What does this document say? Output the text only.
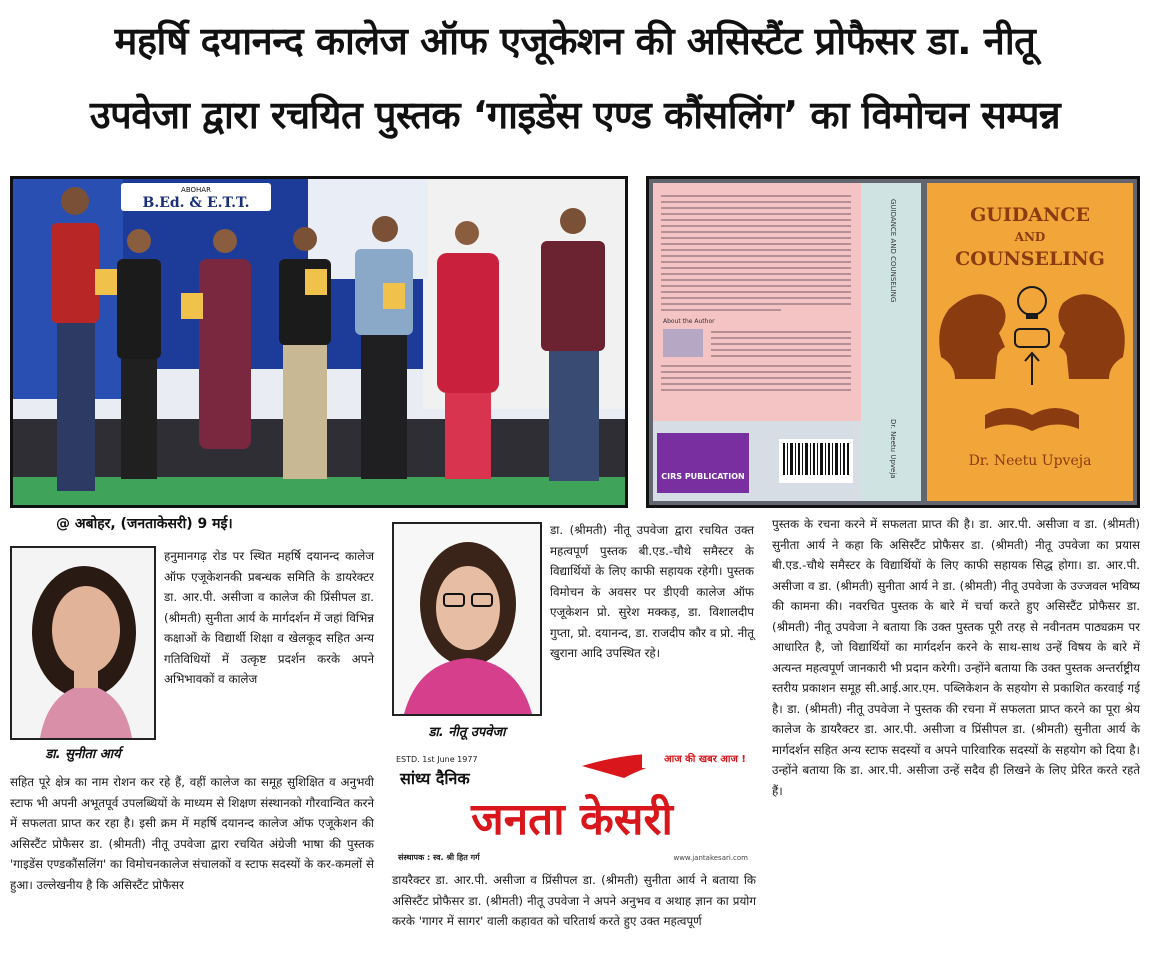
महर्षि दयानन्द कालेज ऑफ एजूकेशन की असिस्टैंट प्रोफैसर डा. नीतू
उपवेजा द्वारा रचयित पुस्तक ‘गाइडेंस एण्ड कौंसलिंग’ का विमोचन सम्पन्न
ABOHAR
B.Ed. & E.T.T.
About the Author
CIRS PUBLICATION
GUIDANCE AND COUNSELING
Dr. Neetu Upveja
GUIDANCE
AND
COUNSELING
Dr. Neetu Upveja
@ अबोहर, (जनताकेसरी) 9 मई।
डा. सुनीता आर्य
डा. नीतू उपवेजा
हनुमानगढ़ रोड पर स्थित महर्षि दयानन्द कालेज ऑफ एजूकेशनकी प्रबन्धक समिति के डायरेक्टर डा. आर.पी. असीजा व कालेज की प्रिंसीपल डा. (श्रीमती) सुनीता आर्य के मार्गदर्शन में जहां विभिन्न कक्षाओं के विद्यार्थी शिक्षा व खेलकूद सहित अन्य गतिविधियों में उत्कृष्ट प्रदर्शन करके अपने अभिभावकों व कालेज
सहित पूरे क्षेत्र का नाम रोशन कर रहे हैं, वहीं कालेज का समूह सुशिक्षित व अनुभवी स्टाफ भी अपनी अभूतपूर्व उपलब्धियों के माध्यम से शिक्षण संस्थानको गौरवान्वित करने में सफलता प्राप्त कर रहा है। इसी क्रम में महर्षि दयानन्द कालेज ऑफ एजूकेशन की असिस्टैंट प्रोफैसर डा. (श्रीमती) नीतू उपवेजा द्वारा रचयित अंग्रेजी भाषा की पुस्तक 'गाइडेंस एण्डकौंसलिंग' का विमोचनकालेज संचालकों व स्टाफ सदस्यों के कर-कमलों से हुआ। उल्लेखनीय है कि असिस्टैंट प्रोफैसर
डा. (श्रीमती) नीतू उपवेजा द्वारा रचयित उक्त महत्वपूर्ण पुस्तक बी.एड.-चौथे समैस्टर के विद्यार्थियों के लिए काफी सहायक रहेगी। पुस्तक विमोचन के अवसर पर डीएवी कालेज ऑफ एजूकेशन प्रो. सुरेश मक्कड़, डा. विशालदीप गुप्ता, प्रो. दयानन्द, डा. राजदीप कौर व प्रो. नीतू खुराना आदि उपस्थित रहे।
ESTD. 1st June 1977	आज की खबर आज !
सांध्य दैनिक
जनता केसरी
संस्थापक : स्व. श्री हित गर्ग	www.jantakesari.com
डायरैक्टर डा. आर.पी. असीजा व प्रिंसीपल डा. (श्रीमती) सुनीता आर्य ने बताया कि असिस्टैंट प्रोफैसर डा. (श्रीमती) नीतू उपवेजा ने अपने अनुभव व अथाह ज्ञान का प्रयोग करके 'गागर में सागर' वाली कहावत को चरितार्थ करते हुए उक्त महत्वपूर्ण
पुस्तक के रचना करने में सफलता प्राप्त की है। डा. आर.पी. असीजा व डा. (श्रीमती) सुनीता आर्य ने कहा कि असिस्टैंट प्रोफैसर डा. (श्रीमती) नीतू उपवेजा का प्रयास बी.एड.-चौथे समैस्टर के विद्यार्थियों के लिए काफी सहायक सिद्ध होगा। डा. आर.पी. असीजा व डा. (श्रीमती) सुनीता आर्य ने डा. (श्रीमती) नीतू उपवेजा के उज्जवल भविष्य की कामना की। नवरचित पुस्तक के बारे में चर्चा करते हुए असिस्टैंट प्रोफैसर डा. (श्रीमती) नीतू उपवेजा ने बताया कि उक्त पुस्तक पूरी तरह से नवीनतम पाठ्यक्रम पर आधारित है, जो विद्यार्थियों का मार्गदर्शन करने के साथ-साथ उन्हें विषय के बारे में अत्यन्त महत्वपूर्ण जानकारी भी प्रदान करेगी। उन्होंने बताया कि उक्त पुस्तक अन्तर्राष्ट्रीय स्तरीय प्रकाशन समूह सी.आई.आर.एम. पब्लिकेशन के सहयोग से प्रकाशित करवाई गई है। डा. (श्रीमती) नीतू उपवेजा ने पुस्तक की रचना में सफलता प्राप्त करने का पूरा श्रेय कालेज के डायरैक्टर डा. आर.पी. असीजा व प्रिंसीपल डा. (श्रीमती) सुनीता आर्य के मार्गदर्शन सहित अन्य स्टाफ सदस्यों व अपने पारिवारिक सदस्यों के सहयोग को दिया है। उन्होंने बताया कि डा. आर.पी. असीजा उन्हें सदैव ही लिखने के लिए प्रेरित करते रहते हैं।
